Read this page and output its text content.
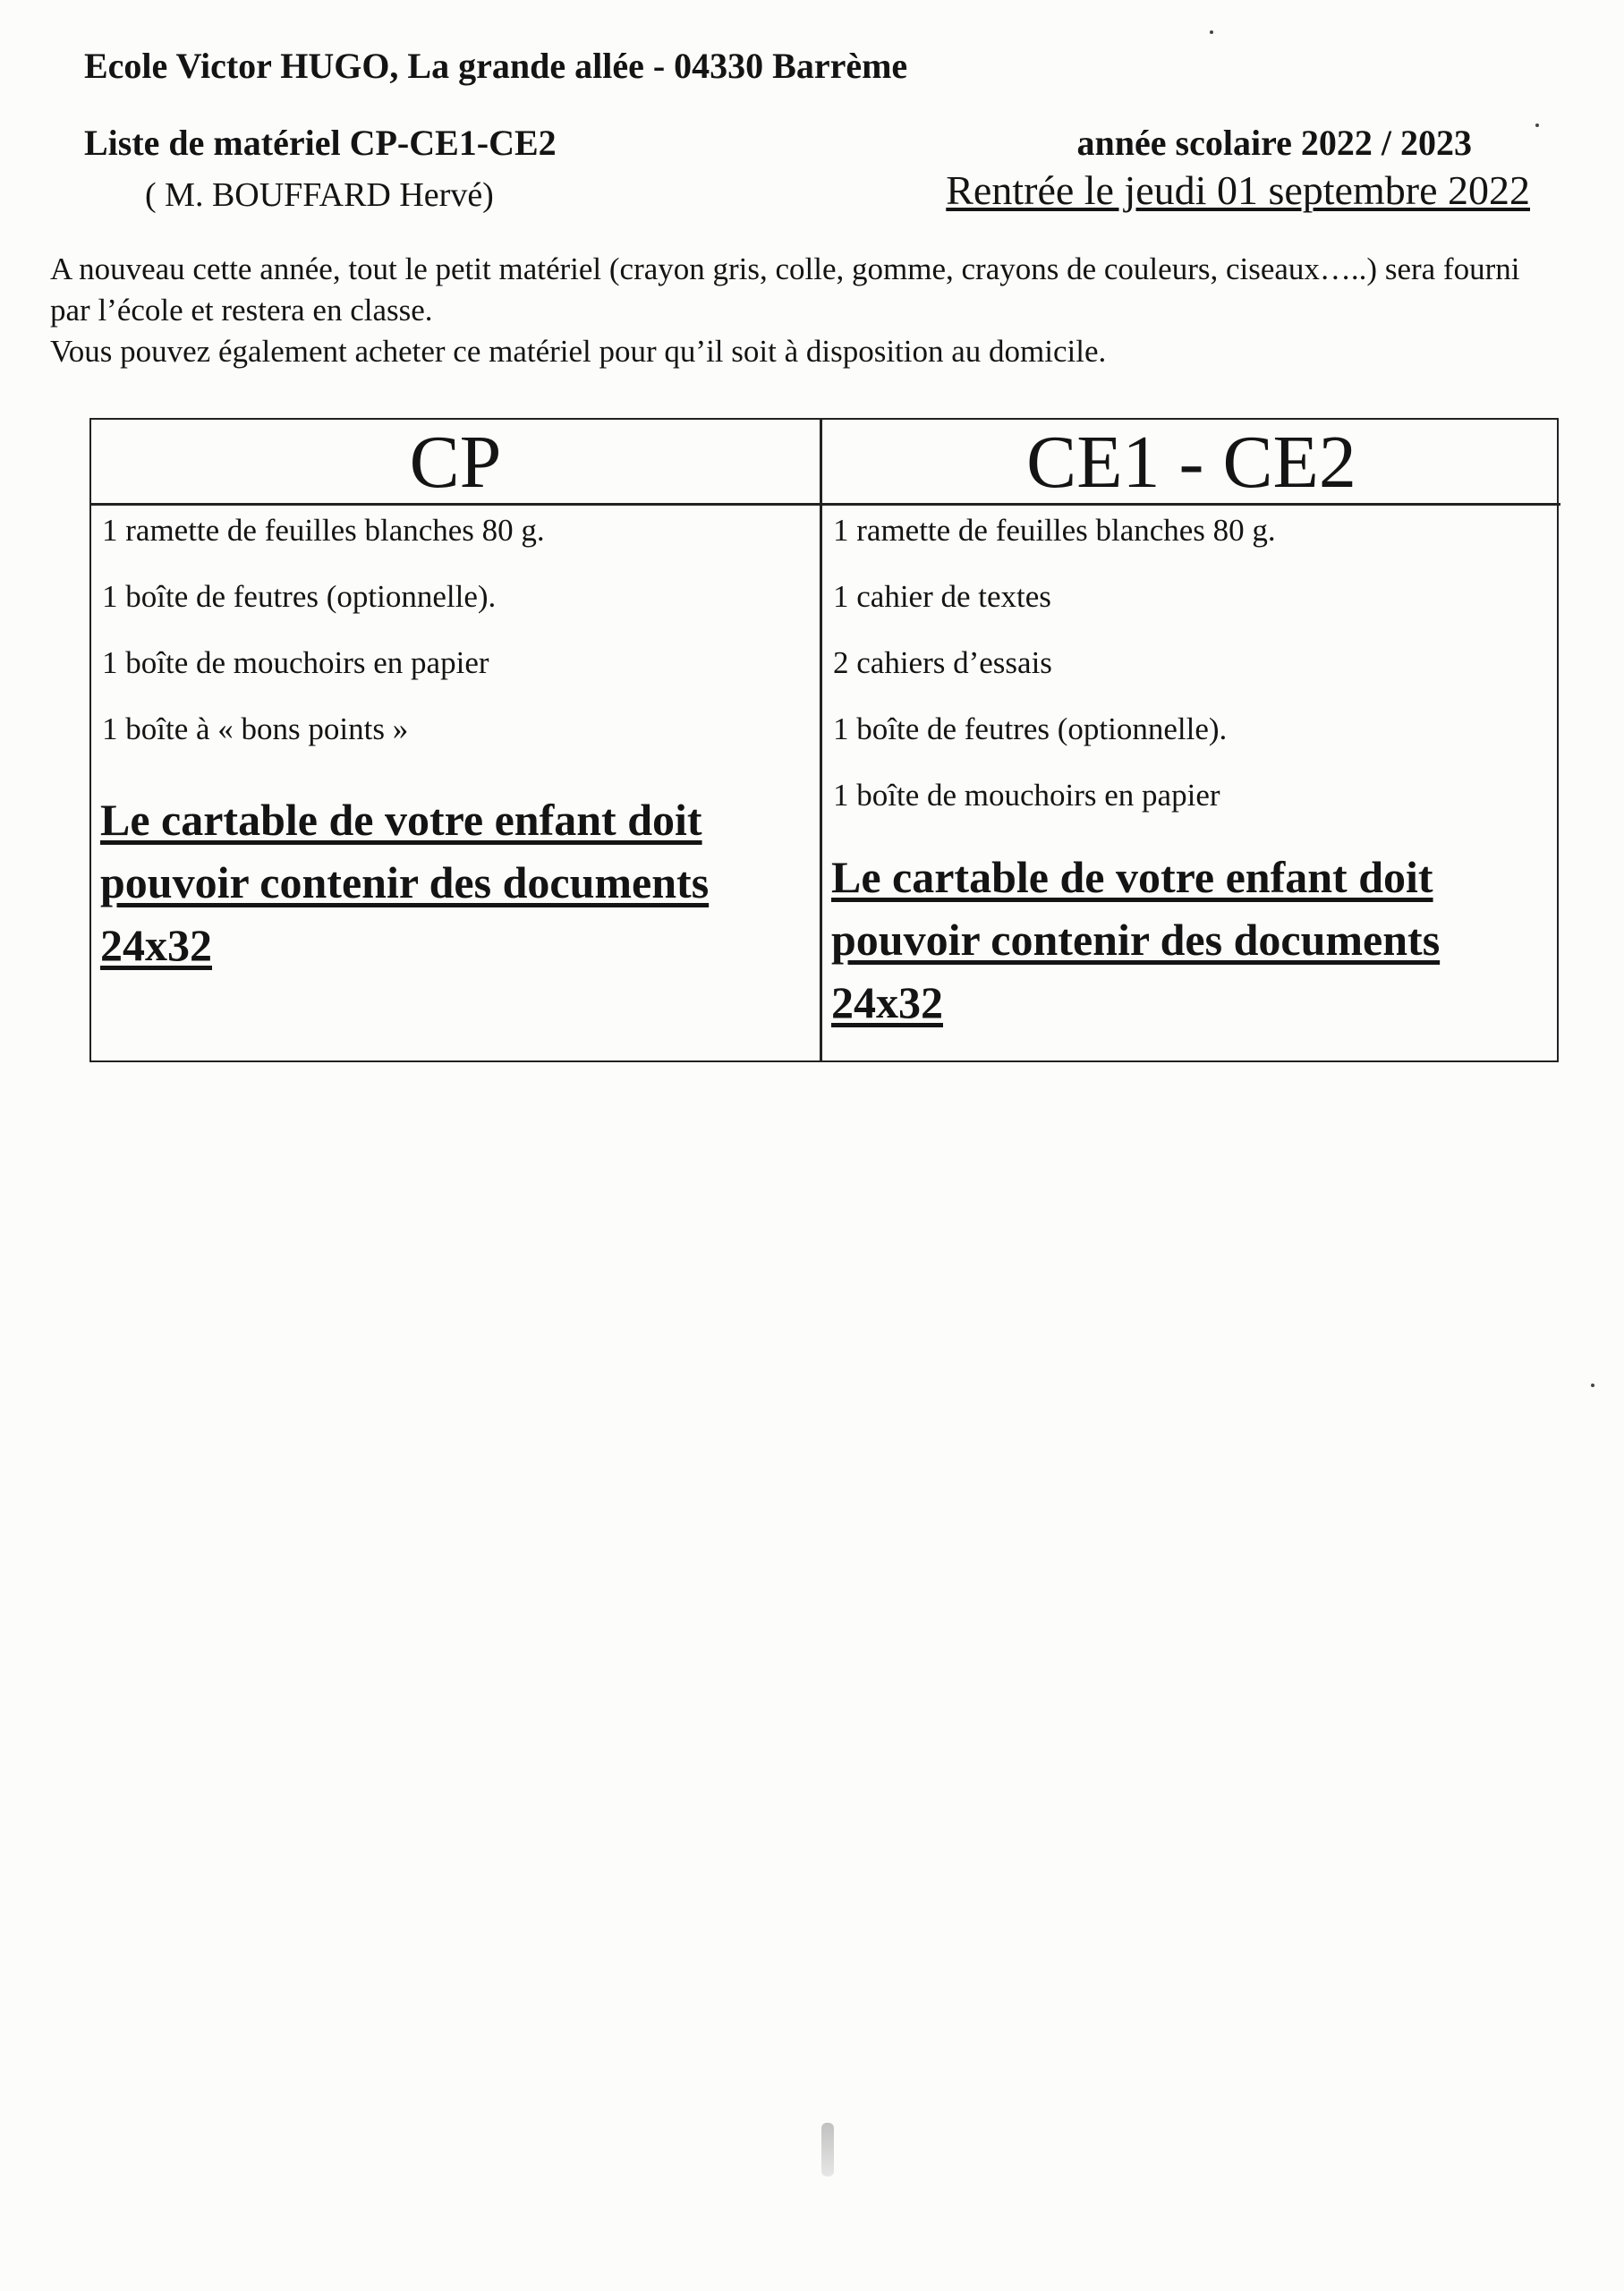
Ecole Victor HUGO, La grande allée - 04330 Barrème
Liste de matériel CP-CE1-CE2	année scolaire 2022 / 2023
( M. BOUFFARD Hervé)	Rentrée le jeudi 01 septembre 2022

A nouveau cette année, tout le petit matériel (crayon gris, colle, gomme, crayons de couleurs, ciseaux…..) sera fourni par l’école et restera en classe.

Vous pouvez également acheter ce matériel pour qu’il soit à disposition au domicile.

CP
1 ramette de feuilles blanches 80 g.
1 boîte de feutres (optionnelle).
1 boîte de mouchoirs en papier
1 boîte à « bons points »
Le cartable de votre enfant doit pouvoir contenir des documents 24x32
CE1 - CE2
1 ramette de feuilles blanches 80 g.
1 cahier de textes
2 cahiers d’essais
1 boîte de feutres (optionnelle).
1 boîte de mouchoirs en papier
Le cartable de votre enfant doit pouvoir contenir des documents 24x32
